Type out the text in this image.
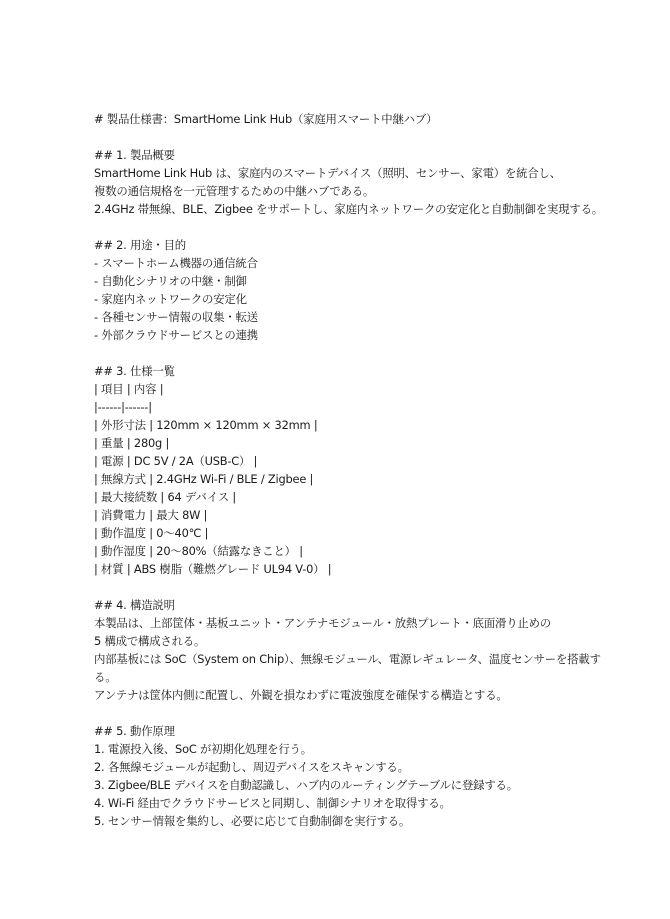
# 製品仕様書：SmartHome Link Hub（家庭用スマート中継ハブ）
## 1. 製品概要
SmartHome Link Hub は、家庭内のスマートデバイス（照明、センサー、家電）を統合し、
複数の通信規格を一元管理するための中継ハブである。
2.4GHz 帯無線、BLE、Zigbee をサポートし、家庭内ネットワークの安定化と自動制御を実現する。
## 2. 用途・目的
- スマートホーム機器の通信統合
- 自動化シナリオの中継・制御
- 家庭内ネットワークの安定化
- 各種センサー情報の収集・転送
- 外部クラウドサービスとの連携
## 3. 仕様一覧
| 項目 | 内容 |
|------|------|
| 外形寸法 | 120mm × 120mm × 32mm |
| 重量 | 280g |
| 電源 | DC 5V / 2A（USB-C） |
| 無線方式 | 2.4GHz Wi-Fi / BLE / Zigbee |
| 最大接続数 | 64 デバイス |
| 消費電力 | 最大 8W |
| 動作温度 | 0～40℃ |
| 動作湿度 | 20～80%（結露なきこと） |
| 材質 | ABS 樹脂（難燃グレード UL94 V-0） |
## 4. 構造説明
本製品は、上部筐体・基板ユニット・アンテナモジュール・放熱プレート・底面滑り止めの
5 構成で構成される。
内部基板には SoC（System on Chip）、無線モジュール、電源レギュレータ、温度センサーを搭載す
る。
アンテナは筐体内側に配置し、外観を損なわずに電波強度を確保する構造とする。
## 5. 動作原理
1. 電源投入後、SoC が初期化処理を行う。
2. 各無線モジュールが起動し、周辺デバイスをスキャンする。
3. Zigbee/BLE デバイスを自動認識し、ハブ内のルーティングテーブルに登録する。
4. Wi-Fi 経由でクラウドサービスと同期し、制御シナリオを取得する。
5. センサー情報を集約し、必要に応じて自動制御を実行する。
